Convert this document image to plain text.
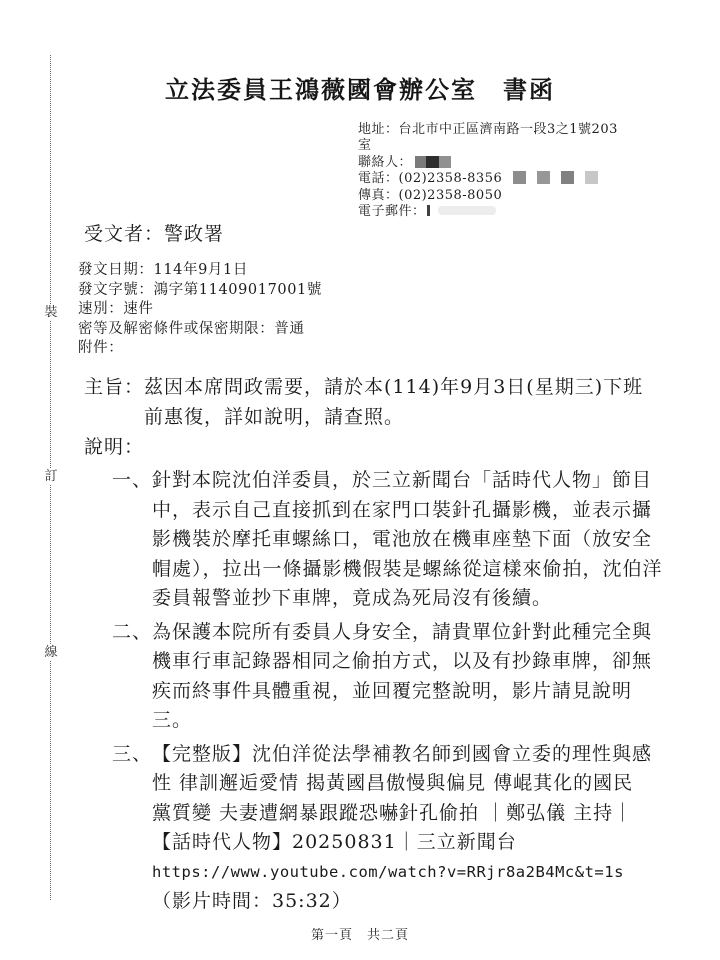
裝
訂
線
立法委員王鴻薇國會辦公室　書函
地址：台北市中正區濟南路一段3之1號203
室
聯絡人：
電話：(02)2358-8356
傳真：(02)2358-8050
電子郵件：
受文者：警政署
發文日期：114年9月1日
發文字號：鴻字第11409017001號
速別：速件
密等及解密條件或保密期限：普通
附件：
主旨： 茲因本席問政需要，請於本(114)年9月3日(星期三)下班
前惠復，詳如說明，請查照。
說明：
一、 針對本院沈伯洋委員，於三立新聞台「話時代人物」節目
中，表示自己直接抓到在家門口裝針孔攝影機，並表示攝
影機裝於摩托車螺絲口，電池放在機車座墊下面（放安全
帽處），拉出一條攝影機假裝是螺絲從這樣來偷拍，沈伯洋
委員報警並抄下車牌，竟成為死局沒有後續。
二、 為保護本院所有委員人身安全，請貴單位針對此種完全與
機車行車記錄器相同之偷拍方式，以及有抄錄車牌，卻無
疾而終事件具體重視，並回覆完整說明，影片請見說明三。
三、 【完整版】沈伯洋從法學補教名師到國會立委的理性與感
性 律訓邂逅愛情 揭黃國昌傲慢與偏見 傅崐萁化的國民
黨質變 夫妻遭網暴跟蹤恐嚇針孔偷拍 ｜鄭弘儀 主持｜
【話時代人物】20250831｜三立新聞台
https://www.youtube.com/watch?v=RRjr8a2B4Mc&t=1s
（影片時間：35:32）
第一頁　共二頁
